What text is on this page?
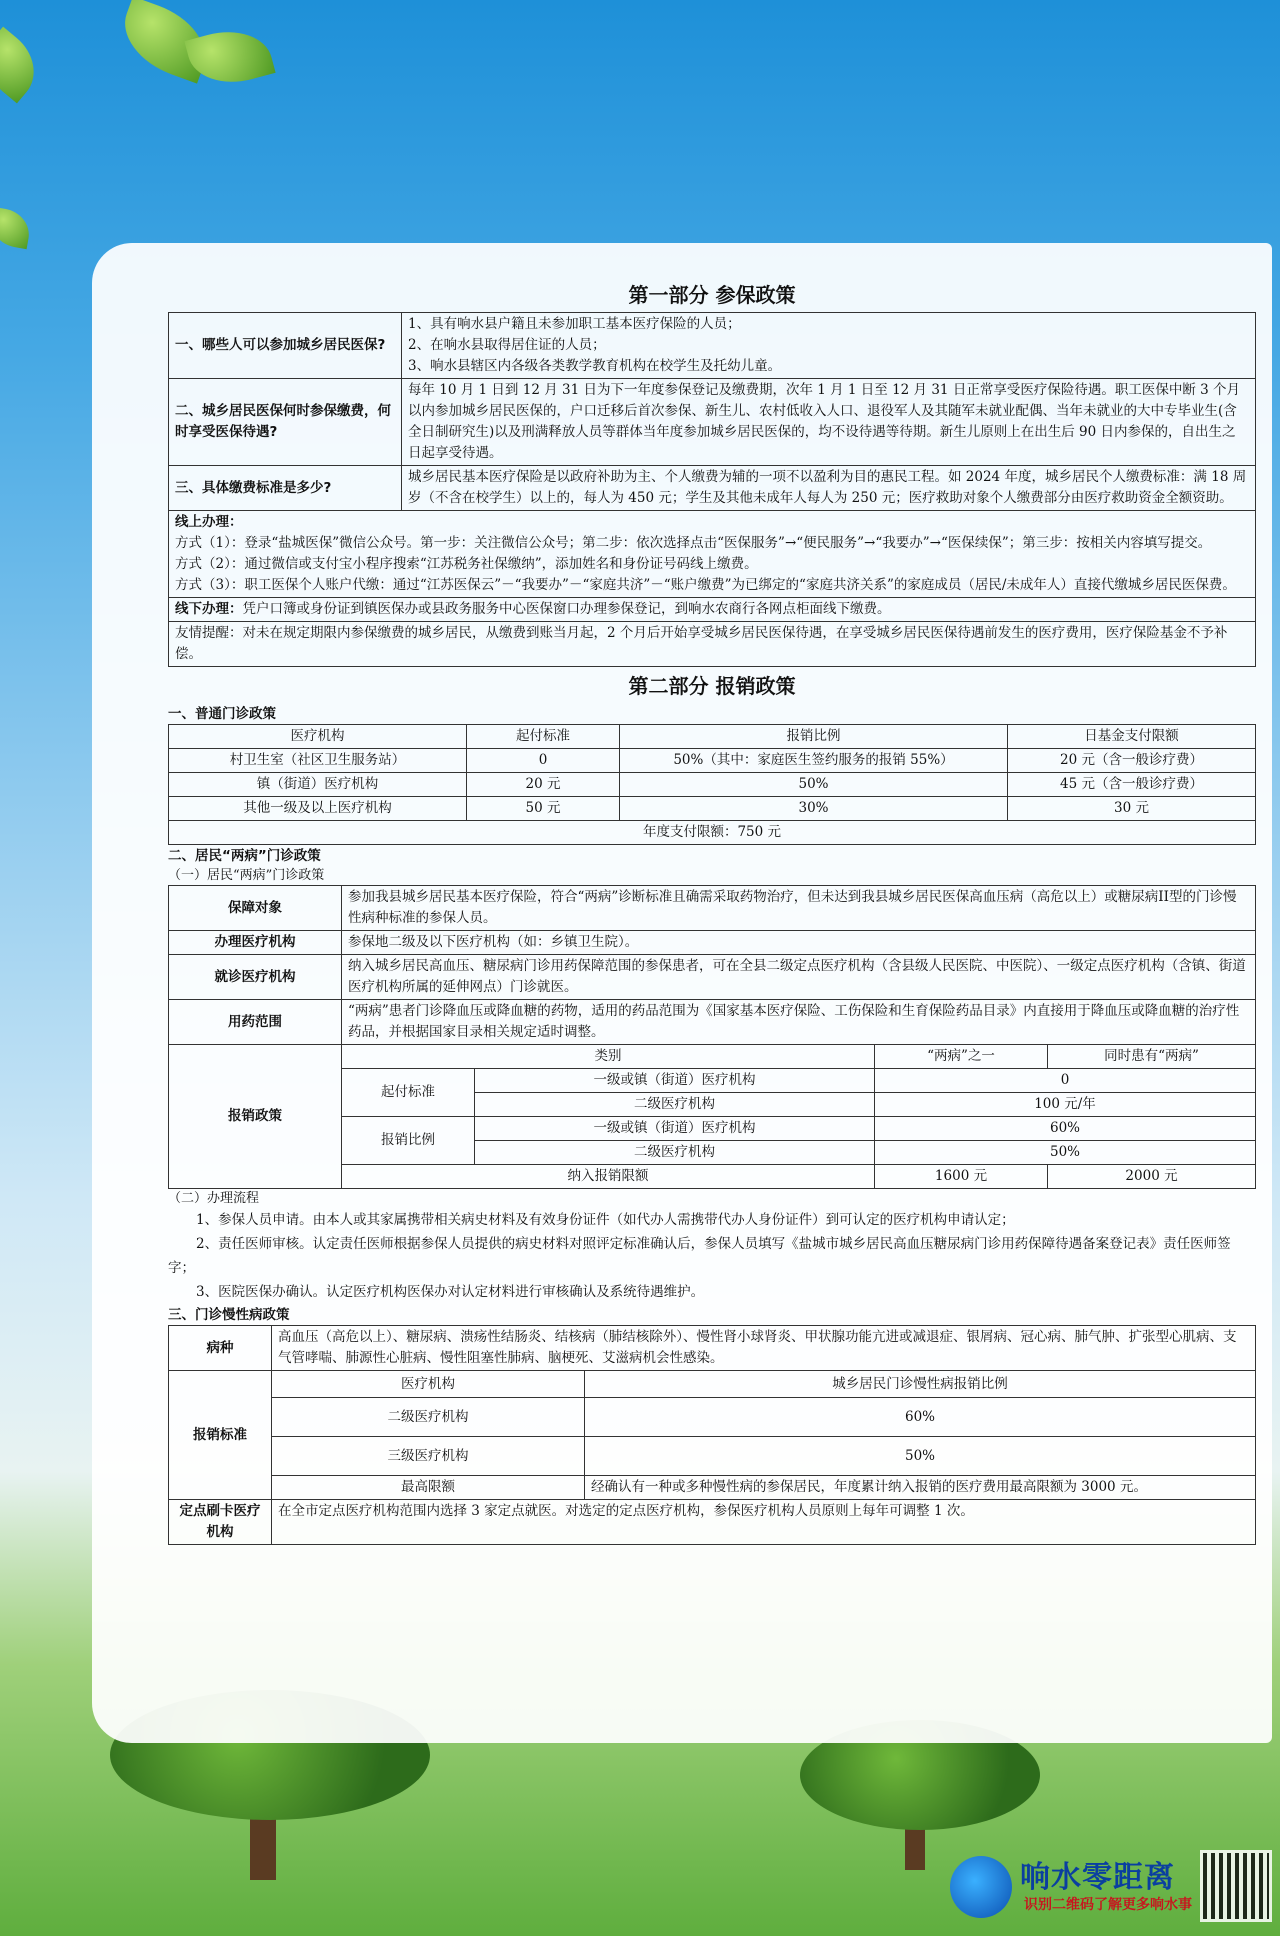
第一部分 参保政策
一、哪些人可以参加城乡居民医保?	1、具有响水县户籍且未参加职工基本医疗保险的人员；
2、在响水县取得居住证的人员；
3、响水县辖区内各级各类教学教育机构在校学生及托幼儿童。

二、城乡居民医保何时参保缴费，何时享受医保待遇?	每年 10 月 1 日到 12 月 31 日为下一年度参保登记及缴费期，次年 1 月 1 日至 12 月 31 日正常享受医疗保险待遇。职工医保中断 3 个月以内参加城乡居民医保的，户口迁移后首次参保、新生儿、农村低收入人口、退役军人及其随军未就业配偶、当年未就业的大中专毕业生(含全日制研究生)以及刑满释放人员等群体当年度参加城乡居民医保的，均不设待遇等待期。新生儿原则上在出生后 90 日内参保的，自出生之日起享受待遇。
三、具体缴费标准是多少?	城乡居民基本医疗保险是以政府补助为主、个人缴费为辅的一项不以盈利为目的惠民工程。如 2024 年度，城乡居民个人缴费标准：满 18 周岁（不含在校学生）以上的，每人为 450 元；学生及其他未成年人每人为 250 元；医疗救助对象个人缴费部分由医疗救助资金全额资助。

线上办理：
方式（1）：登录“盐城医保”微信公众号。第一步：关注微信公众号；第二步：依次选择点击“医保服务”→“便民服务”→“我要办”→“医保续保”；第三步：按相关内容填写提交。
方式（2）：通过微信或支付宝小程序搜索“江苏税务社保缴纳”，添加姓名和身份证号码线上缴费。
方式（3）：职工医保个人账户代缴：通过“江苏医保云”－“我要办”－“家庭共济”－“账户缴费”为已绑定的“家庭共济关系”的家庭成员（居民/未成年人）直接代缴城乡居民医保费。	

线下办理：凭户口簿或身份证到镇医保办或县政务服务中心医保窗口办理参保登记，到响水农商行各网点柜面线下缴费。	
友情提醒：对未在规定期限内参保缴费的城乡居民，从缴费到账当月起，2 个月后开始享受城乡居民医保待遇，在享受城乡居民医保待遇前发生的医疗费用，医疗保险基金不予补偿。	
第二部分 报销政策
一、普通门诊政策
医疗机构	起付标准	报销比例	日基金支付限额
村卫生室（社区卫生服务站）	0	50%（其中：家庭医生签约服务的报销 55%）	20 元（含一般诊疗费）
镇（街道）医疗机构	20 元	50%	45 元（含一般诊疗费）
其他一级及以上医疗机构	50 元	30%	30 元
年度支付限额：750 元			
二、居民“两病”门诊政策
（一）居民“两病”门诊政策
保障对象	参加我县城乡居民基本医疗保险，符合“两病”诊断标准且确需采取药物治疗，但未达到我县城乡居民医保高血压病（高危以上）或糖尿病II型的门诊慢性病种标准的参保人员。			
办理医疗机构	参保地二级及以下医疗机构（如：乡镇卫生院）。			
就诊医疗机构	纳入城乡居民高血压、糖尿病门诊用药保障范围的参保患者，可在全县二级定点医疗机构（含县级人民医院、中医院）、一级定点医疗机构（含镇、街道医疗机构所属的延伸网点）门诊就医。			
用药范围	“两病”患者门诊降血压或降血糖的药物，适用的药品范围为《国家基本医疗保险、工伤保险和生育保险药品目录》内直接用于降血压或降血糖的治疗性药品，并根据国家目录相关规定适时调整。			
报销政策	类别		“两病”之一	同时患有“两病”
	起付标准	一级或镇（街道）医疗机构	0	
		二级医疗机构	100 元/年	
	报销比例	一级或镇（街道）医疗机构	60%	
		二级医疗机构	50%	
	纳入报销限额		1600 元	2000 元
（二）办理流程

1、参保人员申请。由本人或其家属携带相关病史材料及有效身份证件（如代办人需携带代办人身份证件）到可认定的医疗机构申请认定；

2、责任医师审核。认定责任医师根据参保人员提供的病史材料对照评定标准确认后，参保人员填写《盐城市城乡居民高血压糖尿病门诊用药保障待遇备案登记表》责任医师签字；

3、医院医保办确认。认定医疗机构医保办对认定材料进行审核确认及系统待遇维护。

三、门诊慢性病政策
病种	高血压（高危以上）、糖尿病、溃疡性结肠炎、结核病（肺结核除外）、慢性肾小球肾炎、甲状腺功能亢进或减退症、银屑病、冠心病、肺气肿、扩张型心肌病、支气管哮喘、肺源性心脏病、慢性阻塞性肺病、脑梗死、艾滋病机会性感染。	
报销标准	医疗机构	城乡居民门诊慢性病报销比例
	二级医疗机构	60%
	三级医疗机构	50%
	最高限额	经确认有一种或多种慢性病的参保居民，年度累计纳入报销的医疗费用最高限额为 3000 元。
定点刷卡医疗机构	在全市定点医疗机构范围内选择 3 家定点就医。对选定的定点医疗机构，参保医疗机构人员原则上每年可调整 1 次。	
响水零距离
识别二维码了解更多响水事
